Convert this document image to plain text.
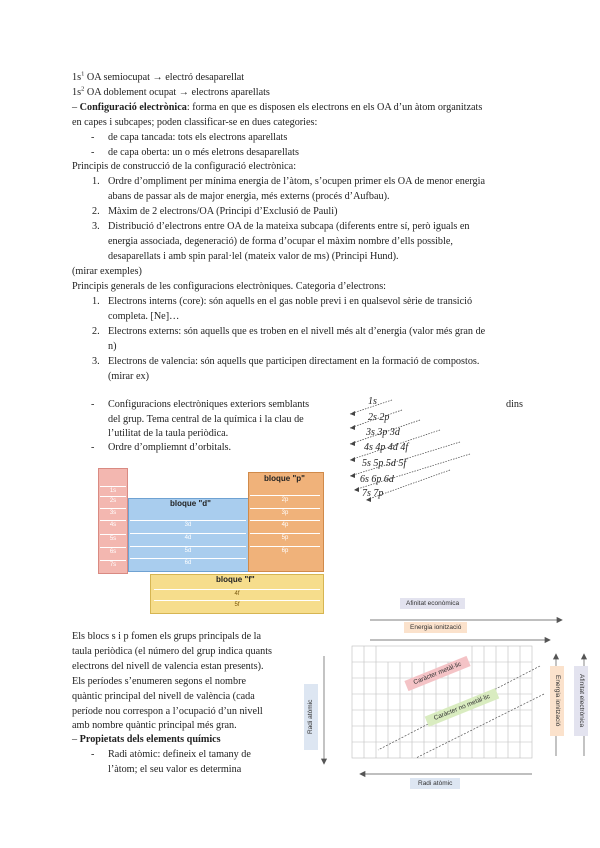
$1s^1$ OA semiocupat → electró desaparellat
$1s^2$ OA doblement ocupat → electrons aparellats
– Configuració electrònica: forma en que es disposen els electrons en els OA d’un àtom organitzats
en capes i subcapes; poden classificar-se en dues categories:
- de capa tancada: tots els electrons aparellats
- de capa oberta: un o més eletrons desaparellats
Principis de construcció de la configuració electrònica:
1. Ordre d’ompliment per mínima energia de l’àtom, s’ocupen primer els OA de menor energia
abans de passar als de major energia, més externs (procés d’Aufbau).
2. Màxim de 2 electrons/OA (Principi d’Exclusió de Pauli)
3. Distribució d’electrons entre OA de la mateixa subcapa (diferents entre sí, però iguals en
energia associada, degeneració) de forma d’ocupar el màxim nombre d’ells possible,
desaparellats i amb spin paral·lel (mateix valor de ms) (Principi Hund).
(mirar exemples)
Principis generals de les configuracions electròniques. Categoria d’electrons:
1. Electrons interns (core): són aquells en el gas noble previ i en qualsevol sèrie de transició
completa. [Ne]…
2. Electrons externs: són aquells que es troben en el nivell més alt d’energia (valor més gran de
n)
3. Electrons de valencia: són aquells que participen directament en la formació de compostos.
(mirar ex)
- Configuracions electròniques exteriors semblants	dins
del grup. Tema central de la química i la clau de
l’utilitat de la taula periòdica.
- Ordre d’ompliemnt d’orbitals.
Els blocs s i p fomen els grups principals de la
taula periòdica (el número del grup indica quants
electrons del nivell de valencia estan presents).
Els períodes s’enumeren segons el nombre
quàntic principal del nivell de valència (cada
període nou correspon a l’ocupació d’un nivell
amb nombre quàntic principal més gran.
– Propietats dels elements químics
- Radi atòmic: defineix el tamany de
l’àtom; el seu valor es determina
1s
2s 2p
3s 3p 3d
4s 4p 4d 4f
5s 5p 5d 5f
6s 6p 6d
7s 7p
1s
2s
3s
4s
5s
6s
7s
bloque "d"
3d
4d
5d
6d
bloque "p"
2p
3p
4p
5p
6p
bloque "f"
4f
5f	Afinitat econòmica
Energia ionització
Radi atòmic
Caràcter metàl·lic
Caràcter no metàl·lic	Energia ionització	Afinitat electrònica
Radi atòmic
